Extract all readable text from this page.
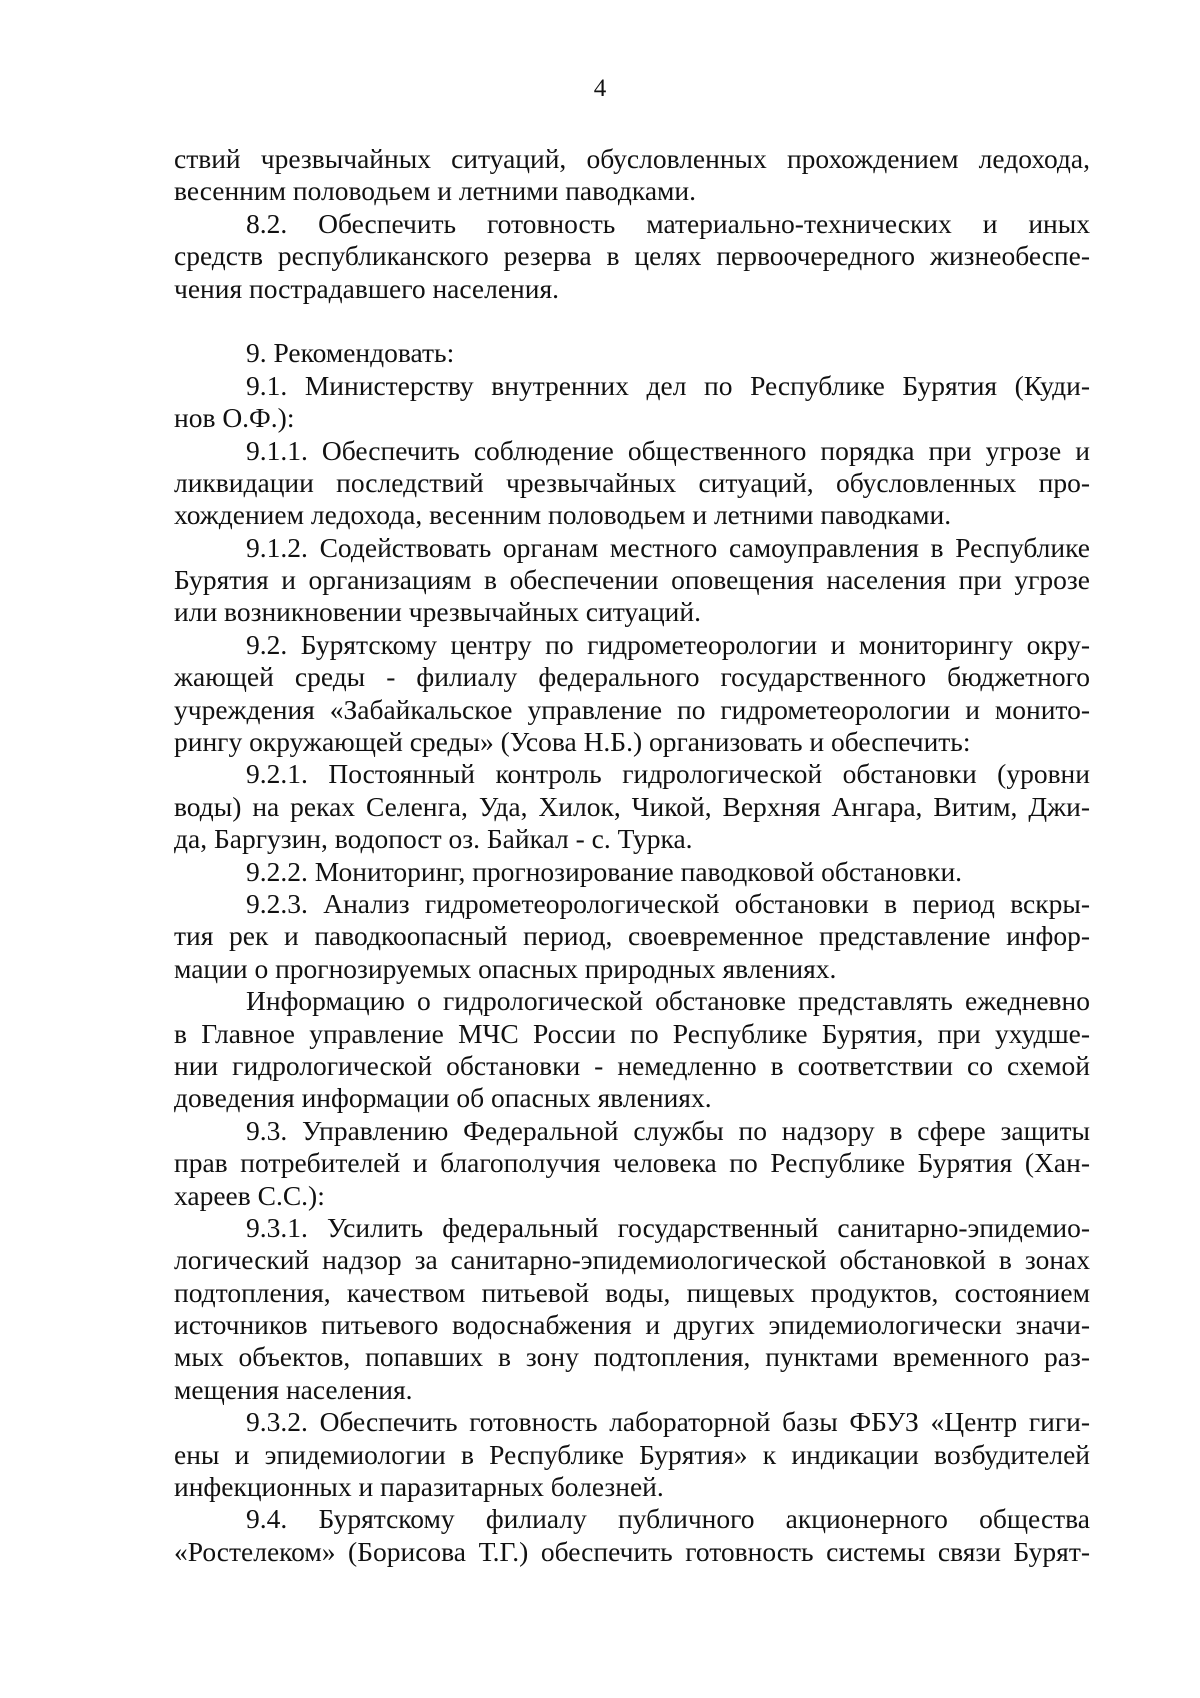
4
ствий чрезвычайных ситуаций, обусловленных прохождением ледохода,
весенним половодьем и летними паводками.
8.2. Обеспечить готовность материально-технических и иных
средств республиканского резерва в целях первоочередного жизнеобеспе-
чения пострадавшего населения.
9. Рекомендовать:
9.1. Министерству внутренних дел по Республике Бурятия (Куди-
нов О.Ф.):
9.1.1. Обеспечить соблюдение общественного порядка при угрозе и
ликвидации последствий чрезвычайных ситуаций, обусловленных про-
хождением ледохода, весенним половодьем и летними паводками.
9.1.2. Содействовать органам местного самоуправления в Республике
Бурятия и организациям в обеспечении оповещения населения при угрозе
или возникновении чрезвычайных ситуаций.
9.2. Бурятскому центру по гидрометеорологии и мониторингу окру-
жающей среды - филиалу федерального государственного бюджетного
учреждения «Забайкальское управление по гидрометеорологии и монито-
рингу окружающей среды» (Усова Н.Б.) организовать и обеспечить:
9.2.1. Постоянный контроль гидрологической обстановки (уровни
воды) на реках Селенга, Уда, Хилок, Чикой, Верхняя Ангара, Витим, Джи-
да, Баргузин, водопост оз. Байкал - с. Турка.
9.2.2. Мониторинг, прогнозирование паводковой обстановки.
9.2.3. Анализ гидрометеорологической обстановки в период вскры-
тия рек и паводкоопасный период, своевременное представление инфор-
мации о прогнозируемых опасных природных явлениях.
Информацию о гидрологической обстановке представлять ежедневно
в Главное управление МЧС России по Республике Бурятия, при ухудше-
нии гидрологической обстановки - немедленно в соответствии со схемой
доведения информации об опасных явлениях.
9.3. Управлению Федеральной службы по надзору в сфере защиты
прав потребителей и благополучия человека по Республике Бурятия (Хан-
хареев С.С.):
9.3.1. Усилить федеральный государственный санитарно-эпидемио-
логический надзор за санитарно-эпидемиологической обстановкой в зонах
подтопления, качеством питьевой воды, пищевых продуктов, состоянием
источников питьевого водоснабжения и других эпидемиологически значи-
мых объектов, попавших в зону подтопления, пунктами временного раз-
мещения населения.
9.3.2. Обеспечить готовность лабораторной базы ФБУЗ «Центр гиги-
ены и эпидемиологии в Республике Бурятия» к индикации возбудителей
инфекционных и паразитарных болезней.
9.4. Бурятскому филиалу публичного акционерного общества
«Ростелеком» (Борисова Т.Г.) обеспечить готовность системы связи Бурят-
